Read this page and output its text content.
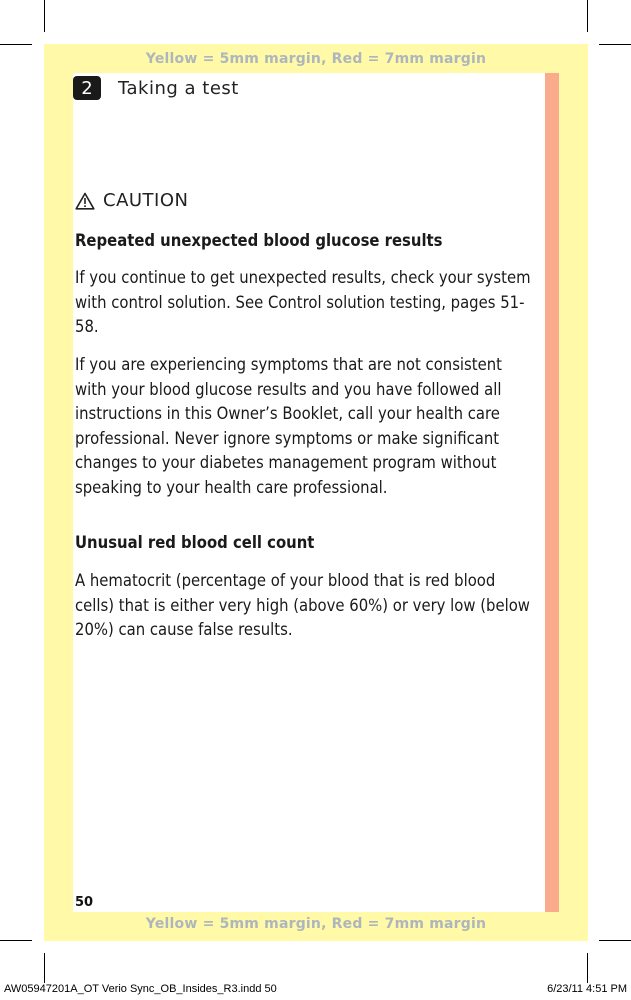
Yellow = 5mm margin, Red = 7mm margin
Yellow = 5mm margin, Red = 7mm margin
2	Taking a test
CAUTION
Repeated unexpected blood glucose results
If you continue to get unexpected results, check your system with control solution. See Control solution testing, pages 51-58.
If you are experiencing symptoms that are not consistent with your blood glucose results and you have followed all instructions in this Owner’s Booklet, call your health care professional. Never ignore symptoms or make significant changes to your diabetes management program without speaking to your health care professional.
Unusual red blood cell count
A hematocrit (percentage of your blood that is red blood cells) that is either very high (above 60%) or very low (below 20%) can cause false results.
50
AW05947201A_OT Verio Sync_OB_Insides_R3.indd 50	6/23/11 4:51 PM
